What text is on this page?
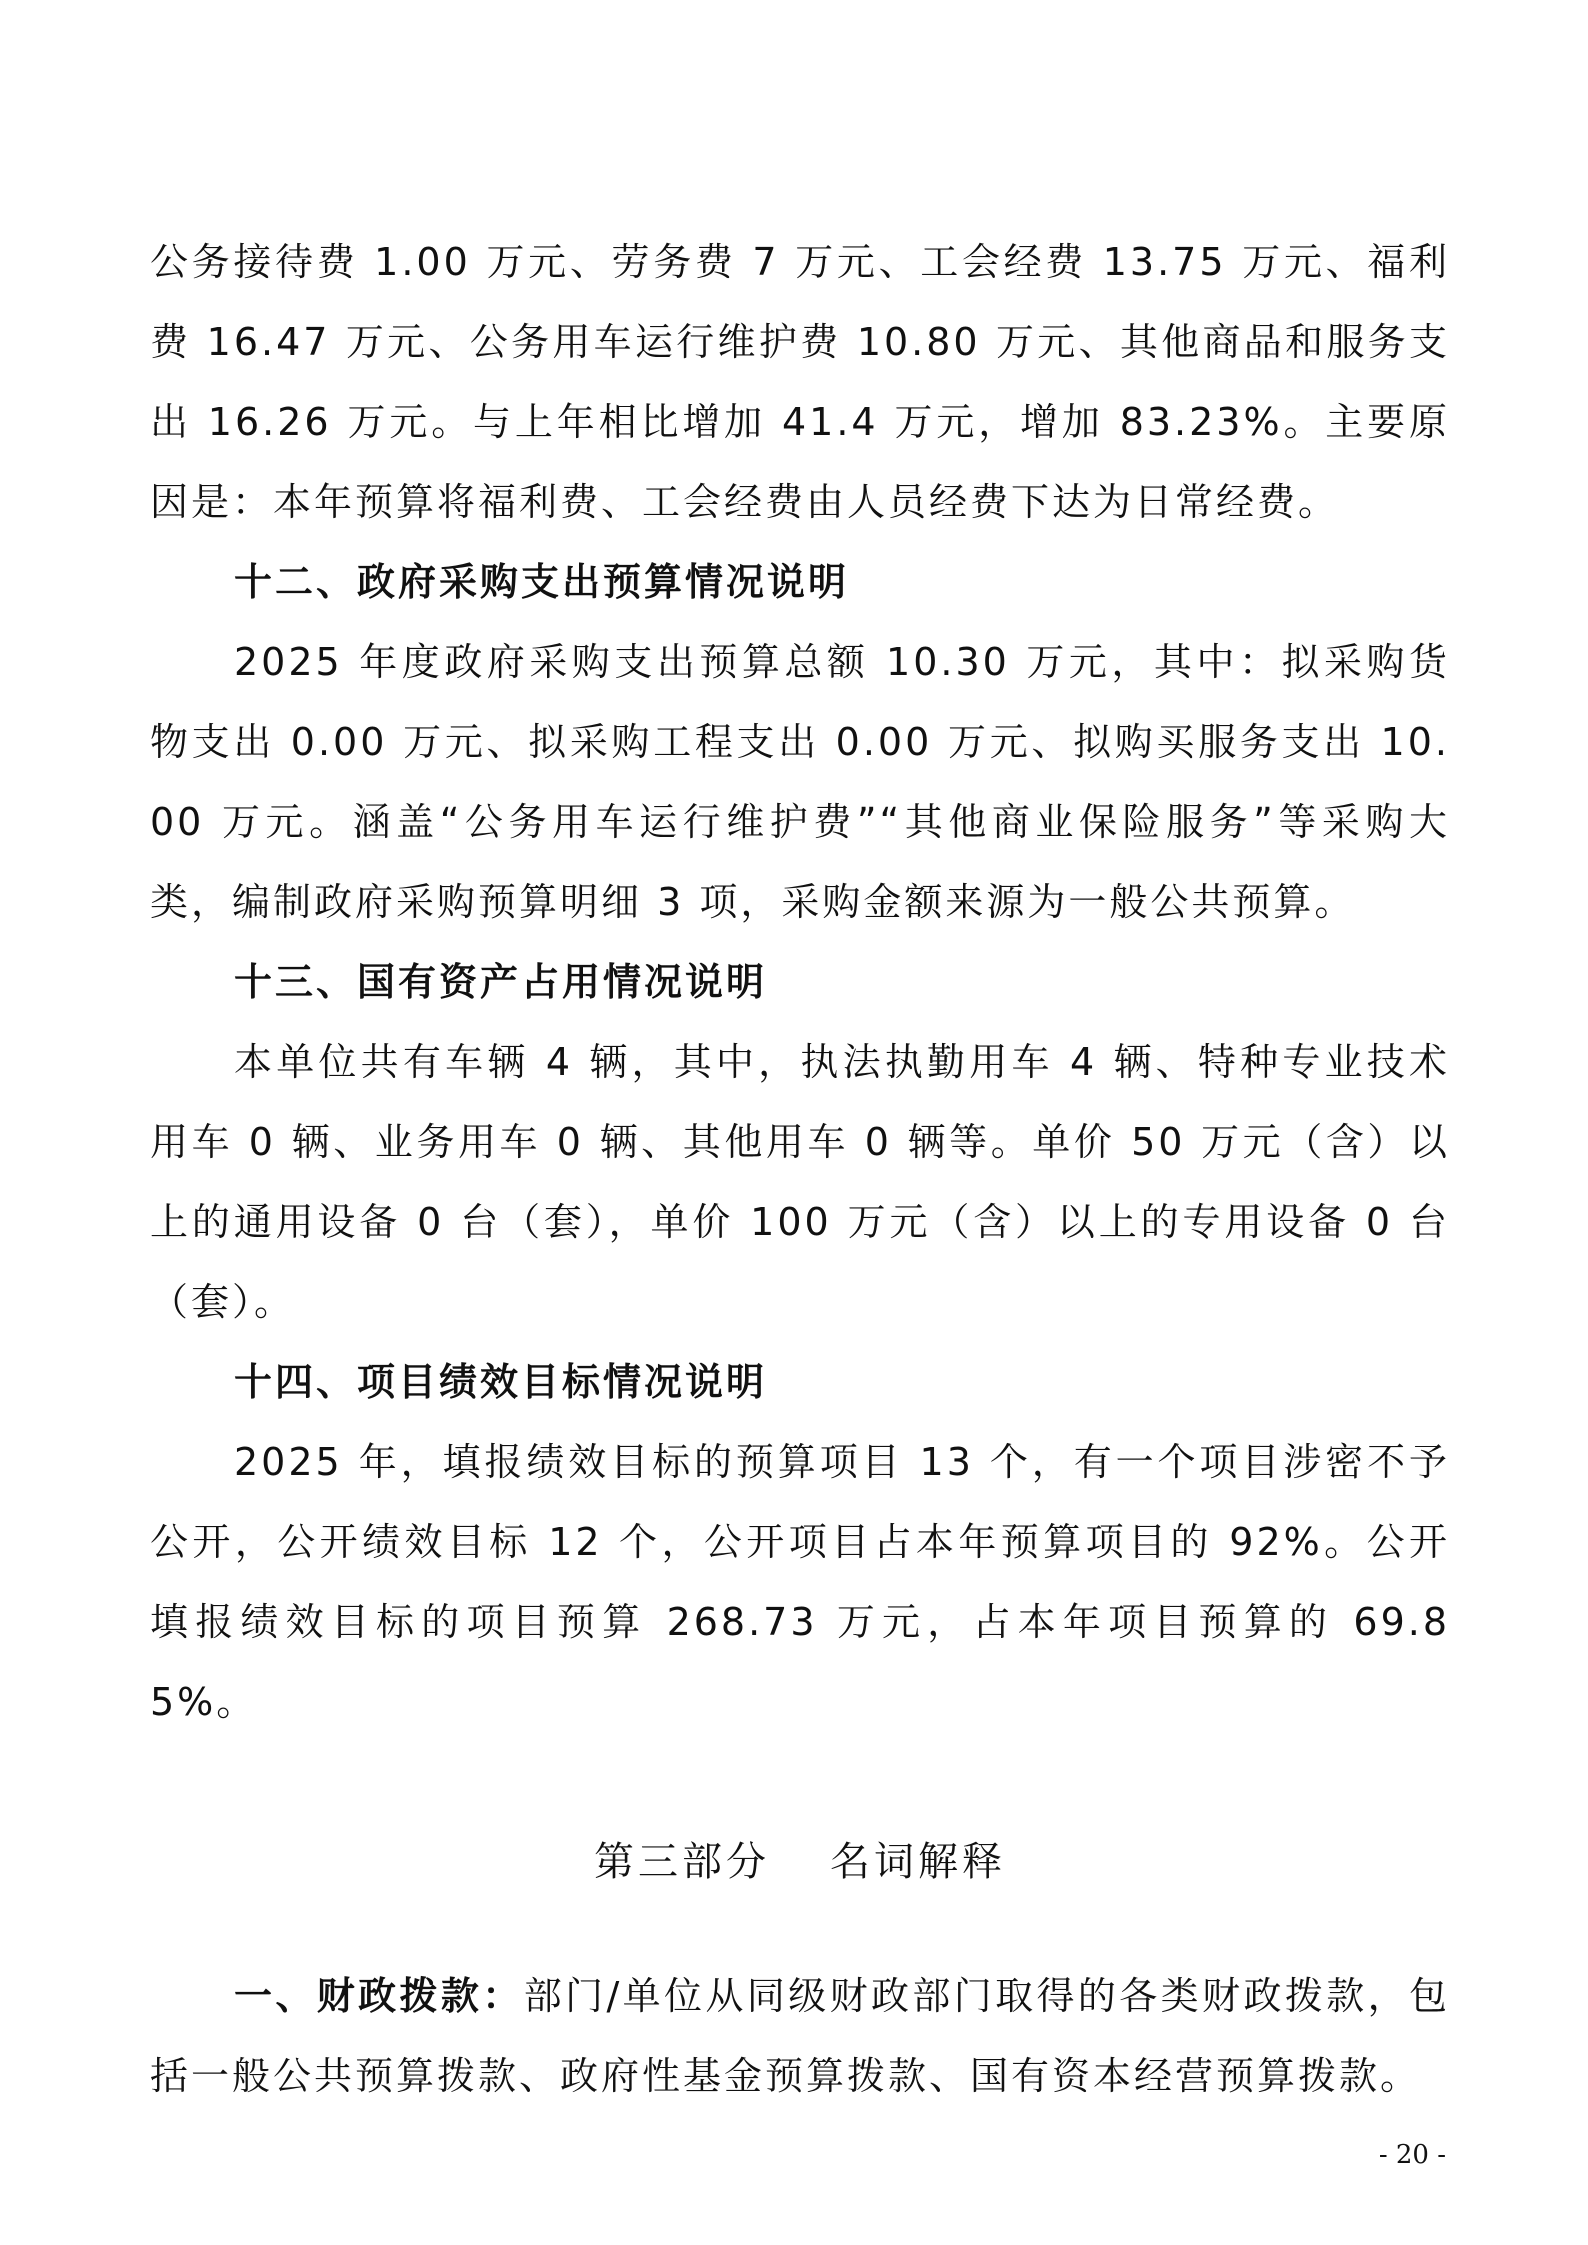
公务接待费 1.00 万元、劳务费 7 万元、工会经费 13.75 万元、福利费 16.47 万元、公务用车运行维护费 10.80 万元、其他商品和服务支出 16.26 万元。与上年相比增加 41.4 万元，增加 83.23%。主要原因是：本年预算将福利费、工会经费由人员经费下达为日常经费。

十二、政府采购支出预算情况说明

2025 年度政府采购支出预算总额 10.30 万元，其中：拟采购货物支出 0.00 万元、拟采购工程支出 0.00 万元、拟购买服务支出 10.00 万元。涵盖“公务用车运行维护费”“其他商业保险服务”等采购大类，编制政府采购预算明细 3 项，采购金额来源为一般公共预算。

十三、国有资产占用情况说明

本单位共有车辆 4 辆，其中，执法执勤用车 4 辆、特种专业技术用车 0 辆、业务用车 0 辆、其他用车 0 辆等。单价 50 万元（含）以上的通用设备 0 台（套），单价 100 万元（含）以上的专用设备 0 台（套）。

十四、项目绩效目标情况说明

2025 年，填报绩效目标的预算项目 13 个，有一个项目涉密不予公开，公开绩效目标 12 个，公开项目占本年预算项目的 92%。公开填报绩效目标的项目预算 268.73 万元，占本年项目预算的 69.85%。

第三部分 名词解释

一、财政拨款：部门/单位从同级财政部门取得的各类财政拨款，包括一般公共预算拨款、政府性基金预算拨款、国有资本经营预算拨款。

- 20 -
